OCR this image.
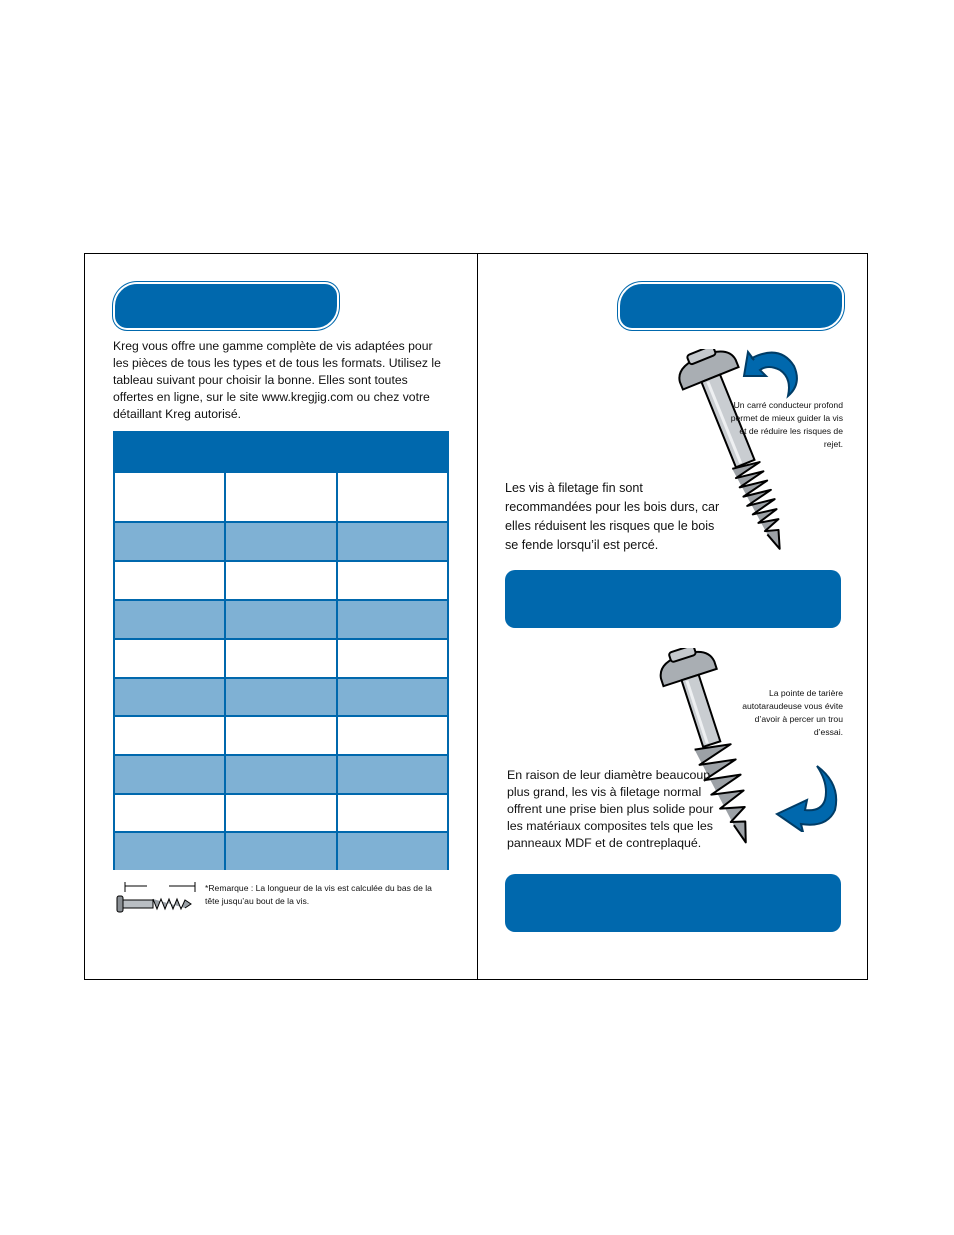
Kreg vous offre une gamme complète de vis adaptées pour les pièces de tous les types et de tous les formats. Utilisez le tableau suivant pour choisir la bonne. Elles sont toutes offertes en ligne, sur le site www.kregjig.com ou chez votre détaillant Kreg autorisé.

*Remarque : La longueur de la vis est calculée du bas de la tête jusqu’au bout de la vis.

Un carré conducteur profond permet de mieux guider la vis et de réduire les risques de rejet.

Les vis à filetage fin sont recommandées pour les bois durs, car elles réduisent les risques que le bois se fende lorsqu’il est percé.

La pointe de tarière autotaraudeuse vous évite d’avoir à percer un trou d’essai.

En raison de leur diamètre beaucoup plus grand, les vis à filetage normal offrent une prise bien plus solide pour les matériaux composites tels que les panneaux MDF et de contreplaqué.
